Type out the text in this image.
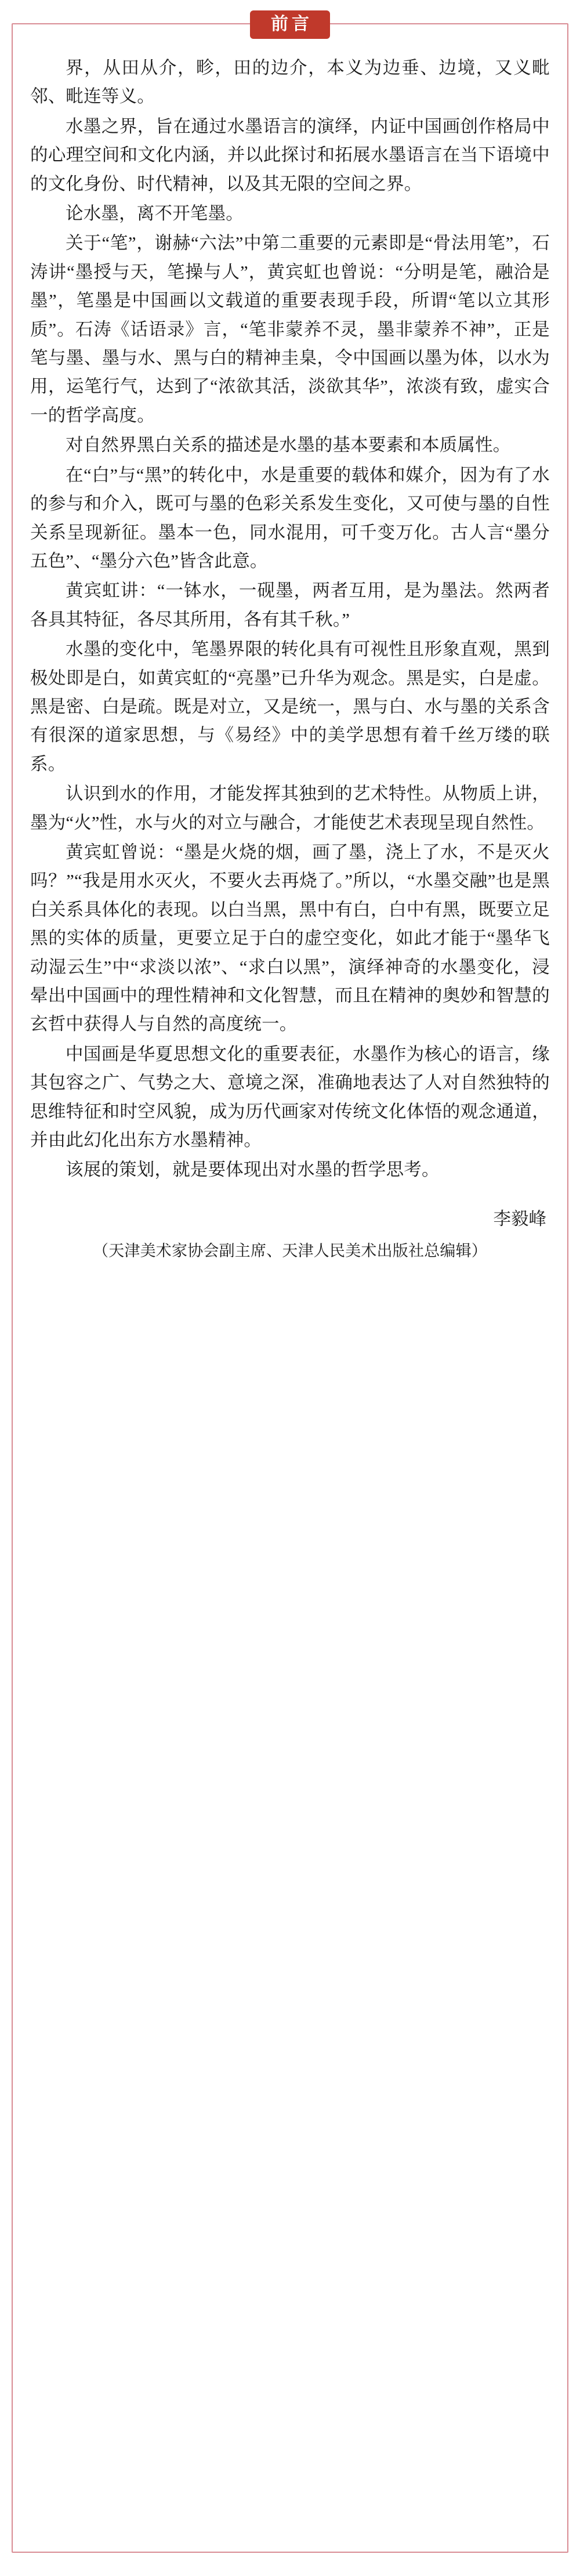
前言

界，从田从介，畛，田的边介，本义为边垂、边境，又义毗邻、毗连等义。

水墨之界，旨在通过水墨语言的演绎，内证中国画创作格局中的心理空间和文化内涵，并以此探讨和拓展水墨语言在当下语境中的文化身份、时代精神，以及其无限的空间之界。

论水墨，离不开笔墨。

关于“笔”，谢赫“六法”中第二重要的元素即是“骨法用笔”，石涛讲“墨授与天，笔操与人”，黄宾虹也曾说：“分明是笔，融洽是墨”，笔墨是中国画以文载道的重要表现手段，所谓“笔以立其形质”。石涛《话语录》言，“笔非蒙养不灵，墨非蒙养不神”，正是笔与墨、墨与水、黑与白的精神圭臬，令中国画以墨为体，以水为用，运笔行气，达到了“浓欲其活，淡欲其华”，浓淡有致，虚实合一的哲学高度。

对自然界黑白关系的描述是水墨的基本要素和本质属性。

在“白”与“黑”的转化中，水是重要的载体和媒介，因为有了水的参与和介入，既可与墨的色彩关系发生变化，又可使与墨的自性关系呈现新征。墨本一色，同水混用，可千变万化。古人言“墨分五色”、“墨分六色”皆含此意。

黄宾虹讲：“一钵水，一砚墨，两者互用，是为墨法。然两者各具其特征，各尽其所用，各有其千秋。”

水墨的变化中，笔墨界限的转化具有可视性且形象直观，黑到极处即是白，如黄宾虹的“亮墨”已升华为观念。黑是实，白是虚。黑是密、白是疏。既是对立，又是统一，黑与白、水与墨的关系含有很深的道家思想，与《易经》中的美学思想有着千丝万缕的联系。

认识到水的作用，才能发挥其独到的艺术特性。从物质上讲，墨为“火”性，水与火的对立与融合，才能使艺术表现呈现自然性。

黄宾虹曾说：“墨是火烧的烟，画了墨，浇上了水，不是灭火吗？”“我是用水灭火，不要火去再烧了。”所以，“水墨交融”也是黑白关系具体化的表现。以白当黑，黑中有白，白中有黑，既要立足黑的实体的质量，更要立足于白的虚空变化，如此才能于“墨华飞动湿云生”中“求淡以浓”、“求白以黑”，演绎神奇的水墨变化，浸晕出中国画中的理性精神和文化智慧，而且在精神的奥妙和智慧的玄哲中获得人与自然的高度统一。

中国画是华夏思想文化的重要表征，水墨作为核心的语言，缘其包容之广、气势之大、意境之深，准确地表达了人对自然独特的思维特征和时空风貌，成为历代画家对传统文化体悟的观念通道，并由此幻化出东方水墨精神。

该展的策划，就是要体现出对水墨的哲学思考。

李毅峰
（天津美术家协会副主席、天津人民美术出版社总编辑）
